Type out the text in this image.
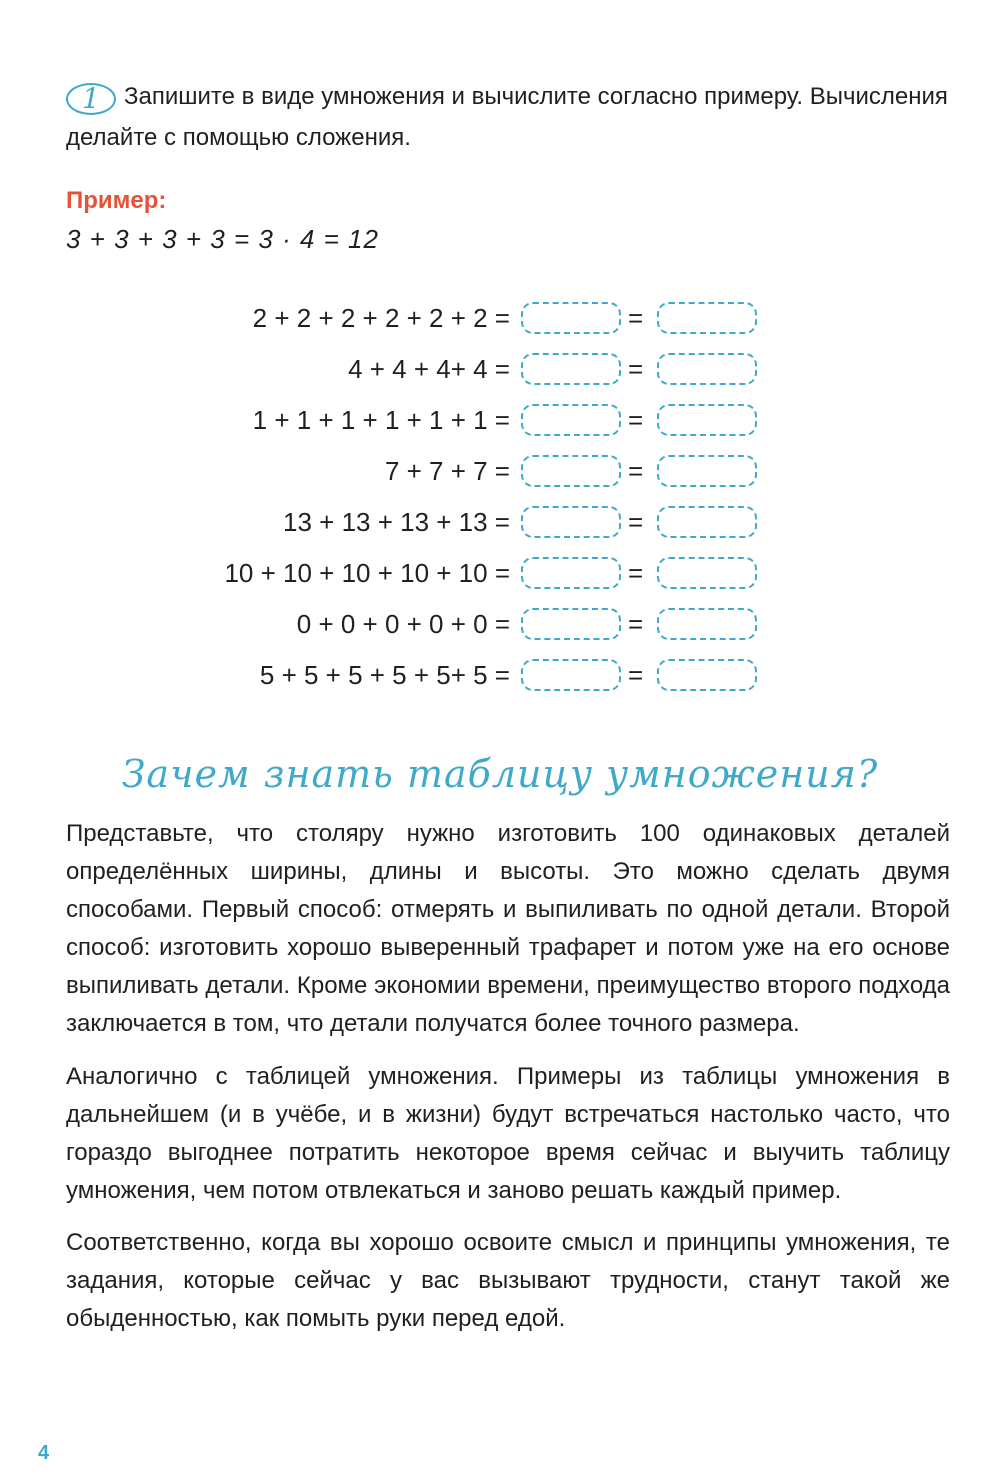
1 Запишите в виде умножения и вычислите согласно примеру. Вычисления делайте с помощью сложения.
Пример:
3 + 3 + 3 + 3 = 3 · 4 = 12
2 + 2 + 2 + 2 + 2 + 2 =	=
4 + 4 + 4+ 4 =	=
1 + 1 + 1 + 1 + 1 + 1 =	=
7 + 7 + 7 =	=
13 + 13 + 13 + 13 =	=
10 + 10 + 10 + 10 + 10 =	=
0 + 0 + 0 + 0 + 0 =	=
5 + 5 + 5 + 5 + 5+ 5 =	=
Зачем знать таблицу умножения?

Представьте, что столяру нужно изготовить 100 одинаковых деталей определённых ширины, длины и высоты. Это можно сделать двумя способами. Первый способ: отмерять и выпиливать по одной детали. Второй способ: изготовить хорошо выверенный трафарет и потом уже на его основе выпиливать детали. Кроме экономии времени, преимущество второго подхода заключается в том, что детали получатся более точного размера.

Аналогично с таблицей умножения. Примеры из таблицы умножения в дальнейшем (и в учёбе, и в жизни) будут встречаться настолько часто, что гораздо выгоднее потратить некоторое время сейчас и выучить таблицу умножения, чем потом отвлекаться и заново решать каждый пример.

Соответственно, когда вы хорошо освоите смысл и принципы умножения, те задания, которые сейчас у вас вызывают трудности, станут такой же обыденностью, как помыть руки перед едой.

4
